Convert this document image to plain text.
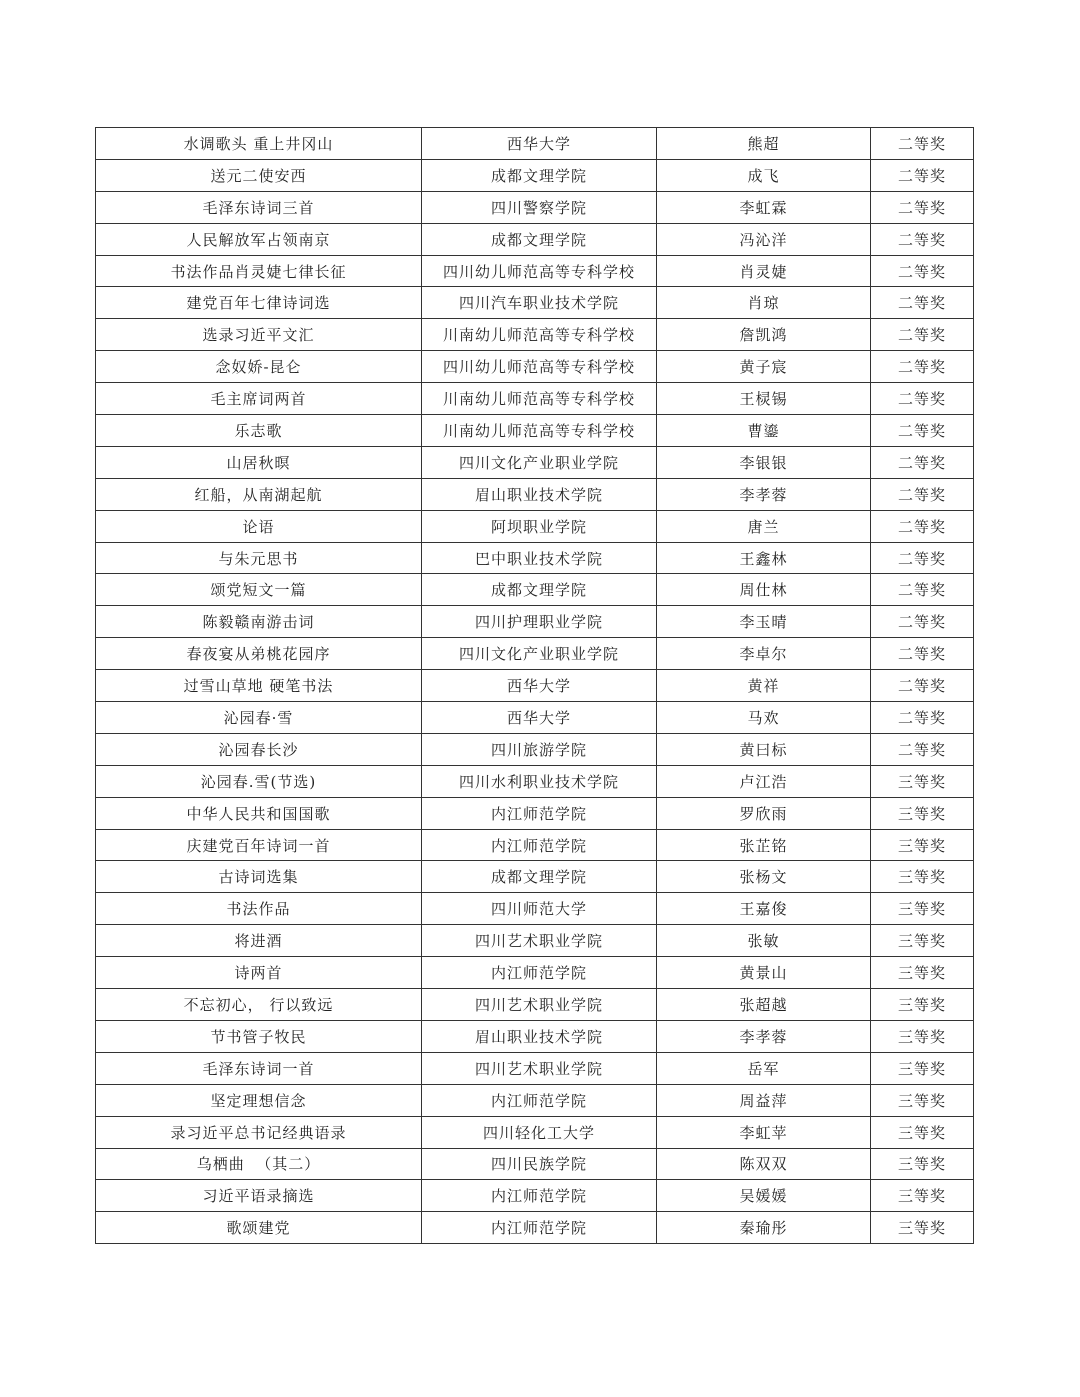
水调歌头 重上井冈山	西华大学	熊超	二等奖
送元二使安西	成都文理学院	成飞	二等奖
毛泽东诗词三首	四川警察学院	李虹霖	二等奖
人民解放军占领南京	成都文理学院	冯沁洋	二等奖
书法作品肖灵婕七律长征	四川幼儿师范高等专科学校	肖灵婕	二等奖
建党百年七律诗词选	四川汽车职业技术学院	肖琼	二等奖
选录习近平文汇	川南幼儿师范高等专科学校	詹凯鸿	二等奖
念奴娇-昆仑	四川幼儿师范高等专科学校	黄子宸	二等奖
毛主席词两首	川南幼儿师范高等专科学校	王棂锡	二等奖
乐志歌	川南幼儿师范高等专科学校	曹鎏	二等奖
山居秋暝	四川文化产业职业学院	李银银	二等奖
红船，从南湖起航	眉山职业技术学院	李孝蓉	二等奖
论语	阿坝职业学院	唐兰	二等奖
与朱元思书	巴中职业技术学院	王鑫林	二等奖
颂党短文一篇	成都文理学院	周仕林	二等奖
陈毅赣南游击词	四川护理职业学院	李玉晴	二等奖
春夜宴从弟桃花园序	四川文化产业职业学院	李卓尔	二等奖
过雪山草地 硬笔书法	西华大学	黄祥	二等奖
沁园春·雪	西华大学	马欢	二等奖
沁园春长沙	四川旅游学院	黄曰标	二等奖
沁园春.雪(节选)	四川水利职业技术学院	卢江浩	三等奖
中华人民共和国国歌	内江师范学院	罗欣雨	三等奖
庆建党百年诗词一首	内江师范学院	张芷铭	三等奖
古诗词选集	成都文理学院	张杨文	三等奖
书法作品	四川师范大学	王嘉俊	三等奖
将进酒	四川艺术职业学院	张敏	三等奖
诗两首	内江师范学院	黄景山	三等奖
不忘初心， 行以致远	四川艺术职业学院	张超越	三等奖
节书管子牧民	眉山职业技术学院	李孝蓉	三等奖
毛泽东诗词一首	四川艺术职业学院	岳军	三等奖
坚定理想信念	内江师范学院	周益萍	三等奖
录习近平总书记经典语录	四川轻化工大学	李虹苹	三等奖
乌栖曲  （其二）	四川民族学院	陈双双	三等奖
习近平语录摘选	内江师范学院	吴媛媛	三等奖
歌颂建党	内江师范学院	秦瑜彤	三等奖
